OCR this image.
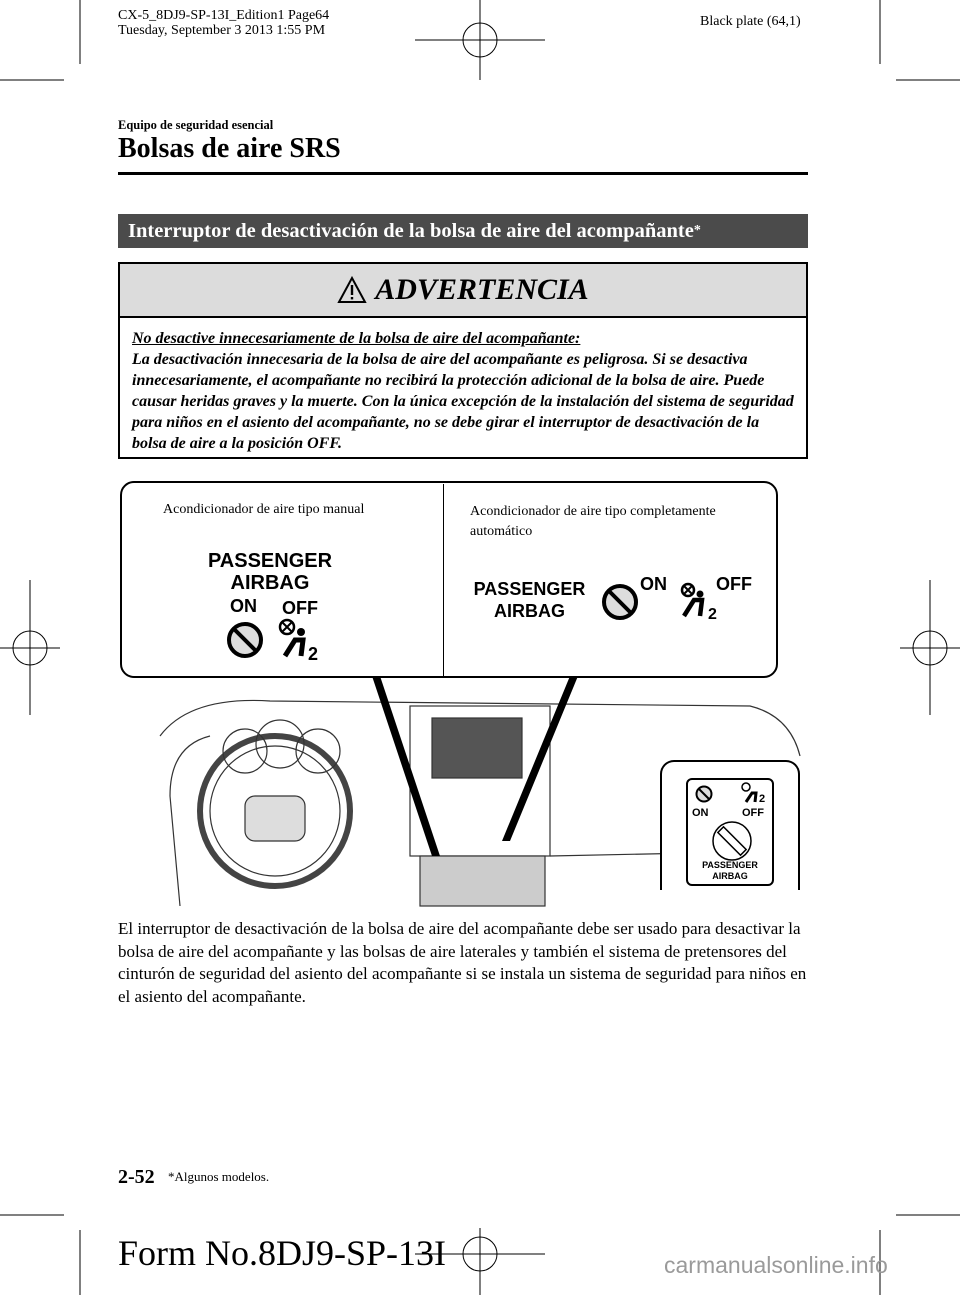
CX-5_8DJ9-SP-13I_Edition1 Page64
Tuesday, September 3 2013 1:55 PM
Black plate (64,1)
Equipo de seguridad esencial
Bolsas de aire SRS
Interruptor de desactivación de la bolsa de aire del acompañante*
ADVERTENCIA
No desactive innecesariamente de la bolsa de aire del acompañante:
La desactivación innecesaria de la bolsa de aire del acompañante es peligrosa. Si se desactiva innecesariamente, el acompañante no recibirá la protección adicional de la bolsa de aire. Puede causar heridas graves y la muerte. Con la única excepción de la instalación del sistema de seguridad para niños en el asiento del acompañante, no se debe girar el interruptor de desactivación de la bolsa de aire a la posición OFF.
Acondicionador de aire tipo manual	Acondicionador de aire tipo completamente automático
PASSENGER
AIRBAG
ON OFF
2
PASSENGER
AIRBAG
ON
2
OFF
2
ON	OFF
PASSENGER
AIRBAG
El interruptor de desactivación de la bolsa de aire del acompañante debe ser usado para desactivar la bolsa de aire del acompañante y las bolsas de aire laterales y también el sistema de pretensores del cinturón de seguridad del asiento del acompañante si se instala un sistema de seguridad para niños en el asiento del acompañante.
2-52 *Algunos modelos.
Form No.8DJ9-SP-13I	carmanualsonline.info
